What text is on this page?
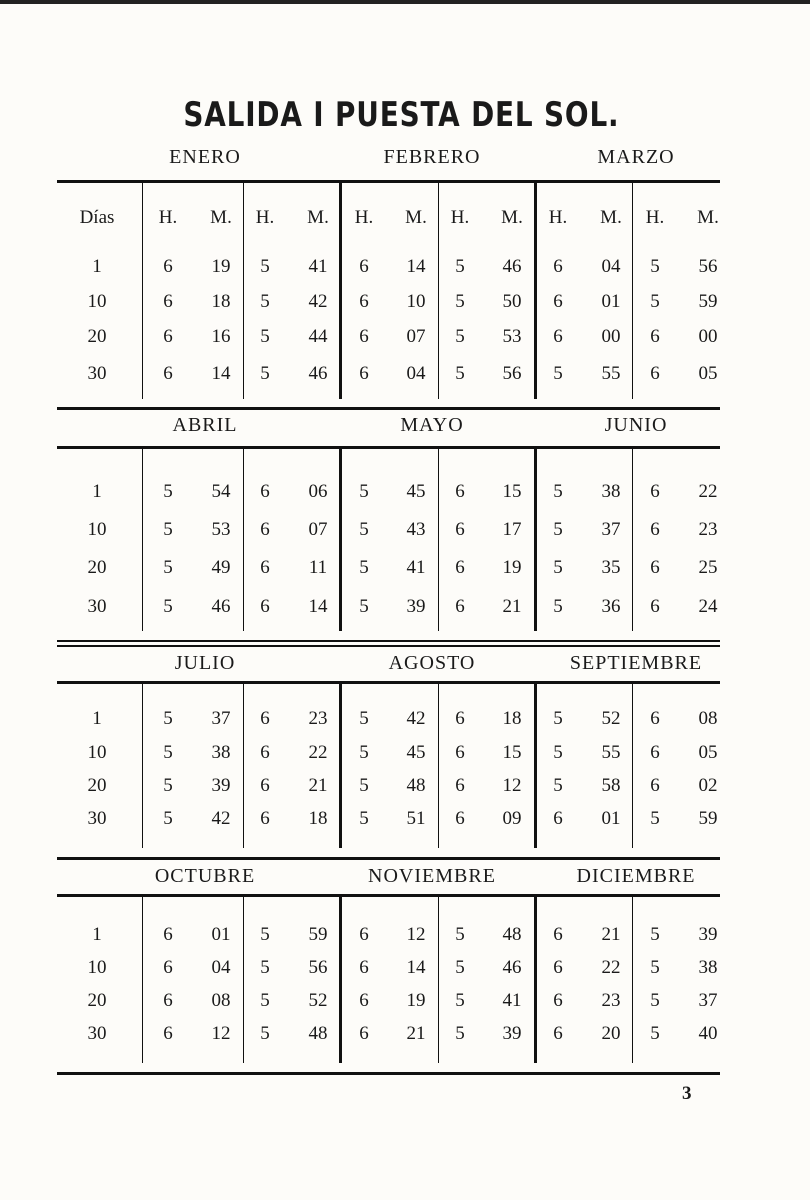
SALIDA I PUESTA DEL SOL.
ENERO	FEBRERO	MARZO
Días	H.	M.	H.	M.	H.	M.	H.	M.	H.	M.	H.	M.
1	6	19	5	41	6	14	5	46	6	04	5	56
10	6	18	5	42	6	10	5	50	6	01	5	59
20	6	16	5	44	6	07	5	53	6	00	6	00
30	6	14	5	46	6	04	5	56	5	55	6	05
ABRIL	MAYO	JUNIO
1	5	54	6	06	5	45	6	15	5	38	6	22
10	5	53	6	07	5	43	6	17	5	37	6	23
20	5	49	6	11	5	41	6	19	5	35	6	25
30	5	46	6	14	5	39	6	21	5	36	6	24
JULIO	AGOSTO	SEPTIEMBRE
1	5	37	6	23	5	42	6	18	5	52	6	08
10	5	38	6	22	5	45	6	15	5	55	6	05
20	5	39	6	21	5	48	6	12	5	58	6	02
30	5	42	6	18	5	51	6	09	6	01	5	59
OCTUBRE	NOVIEMBRE	DICIEMBRE
1	6	01	5	59	6	12	5	48	6	21	5	39
10	6	04	5	56	6	14	5	46	6	22	5	38
20	6	08	5	52	6	19	5	41	6	23	5	37
30	6	12	5	48	6	21	5	39	6	20	5	40
3
